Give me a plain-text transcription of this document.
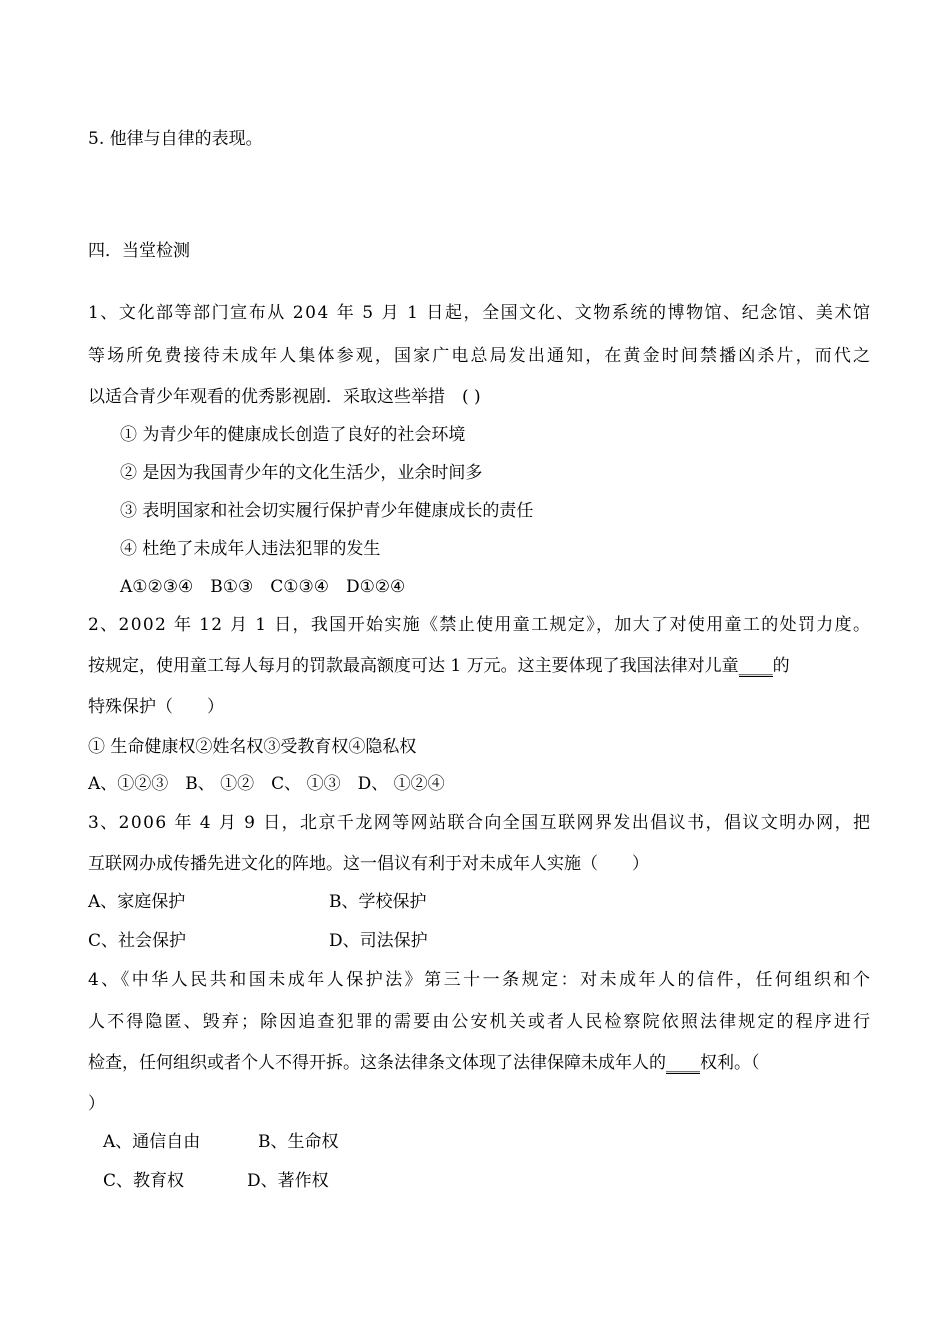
5. 他律与自律的表现。
四．当堂检测
1、文化部等部门宣布从 204 年 5 月 1 日起，全国文化、文物系统的博物馆、纪念馆、美术馆
等场所免费接待未成年人集体参观，国家广电总局发出通知，在黄金时间禁播凶杀片，而代之
以适合青少年观看的优秀影视剧．采取这些举措　( )
① 为青少年的健康成长创造了良好的社会环境
② 是因为我国青少年的文化生活少，业余时间多
③ 表明国家和社会切实履行保护青少年健康成长的责任
④ 杜绝了未成年人违法犯罪的发生
A①②③④　B①③　C①③④　D①②④
2、2002 年 12 月 1 日，我国开始实施《禁止使用童工规定》，加大了对使用童工的处罚力度。
按规定，使用童工每人每月的罚款最高额度可达 1 万元。这主要体现了我国法律对儿童____的
特殊保护（　　）
① 生命健康权②姓名权③受教育权④隐私权
A、①②③　B、 ①②　C、 ①③　D、 ①②④
3、2006 年 4 月 9 日，北京千龙网等网站联合向全国互联网界发出倡议书，倡议文明办网，把
互联网办成传播先进文化的阵地。这一倡议有利于对未成年人实施（　　）
A、家庭保护	B、学校保护
C、社会保护	D、司法保护
4、《中华人民共和国未成年人保护法》第三十一条规定：对未成年人的信件，任何组织和个
人不得隐匿、毁弃；除因追查犯罪的需要由公安机关或者人民检察院依照法律规定的程序进行
检查，任何组织或者个人不得开拆。这条法律条文体现了法律保障未成年人的____权利。（
）
A、通信自由	B、生命权
C、教育权	D、著作权
